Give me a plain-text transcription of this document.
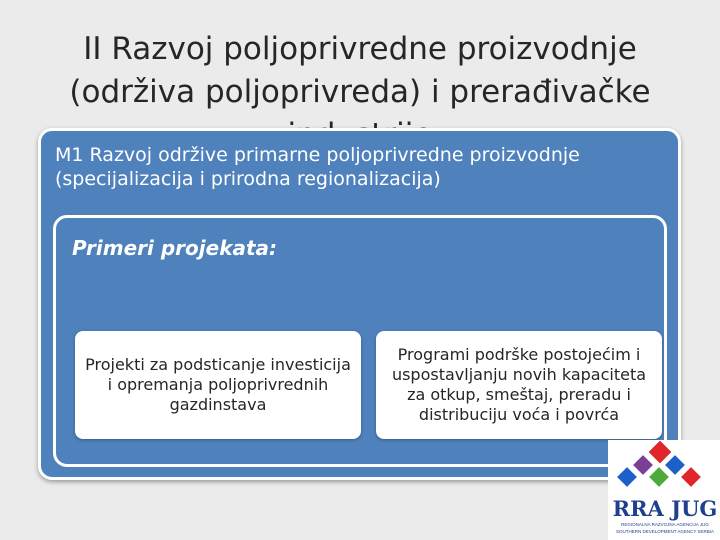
II Razvoj poljoprivredne proizvodnje (održiva poljoprivreda) i prerađivačke
M1 Razvoj održive primarne poljoprivredne proizvodnje (specijalizacija i prirodna regionalizacija)
Primeri projekata:
Projekti za podsticanje investicija i opremanja poljoprivrednih gazdinstava
Programi podrške postojećim i uspostavljanju novih kapaciteta za otkup, smeštaj, preradu i distribuciju voća i povrća
RRA JUG
REGIONALNA RAZVOJNA AGENCIJA JUG
SOUTHERN DEVELOPMENT AGENCY SERBIA
